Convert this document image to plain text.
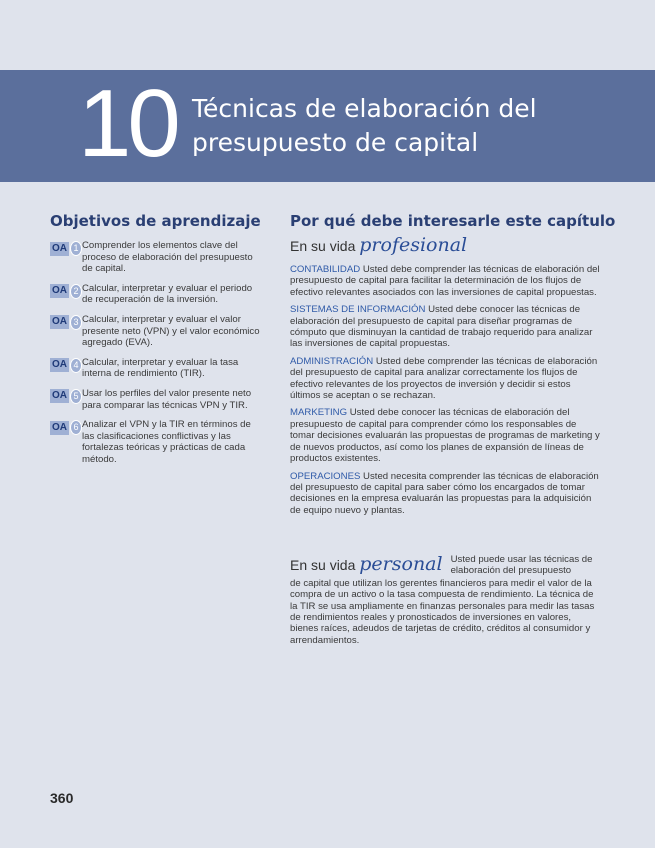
10 Técnicas de elaboración del presupuesto de capital
Objetivos de aprendizaje
OA 1 Comprender los elementos clave del proceso de elaboración del presupuesto de capital.
OA 2 Calcular, interpretar y evaluar el periodo de recuperación de la inversión.
OA 3 Calcular, interpretar y evaluar el valor presente neto (VPN) y el valor económico agregado (EVA).
OA 4 Calcular, interpretar y evaluar la tasa interna de rendimiento (TIR).
OA 5 Usar los perfiles del valor presente neto para comparar las técnicas VPN y TIR.
OA 6 Analizar el VPN y la TIR en términos de las clasificaciones conflictivas y las fortalezas teóricas y prácticas de cada método.
Por qué debe interesarle este capítulo
En su vida profesional
CONTABILIDAD Usted debe comprender las técnicas de elaboración del presupuesto de capital para facilitar la determinación de los flujos de efectivo relevantes asociados con las inversiones de capital propuestas.
SISTEMAS DE INFORMACIÓN Usted debe conocer las técnicas de elaboración del presupuesto de capital para diseñar programas de cómputo que disminuyan la cantidad de trabajo requerido para analizar las inversiones de capital propuestas.
ADMINISTRACIÓN Usted debe comprender las técnicas de elaboración del presupuesto de capital para analizar correctamente los flujos de efectivo relevantes de los proyectos de inversión y decidir si estos últimos se aceptan o se rechazan.
MARKETING Usted debe conocer las técnicas de elaboración del presupuesto de capital para comprender cómo los responsables de tomar decisiones evaluarán las propuestas de programas de marketing y de nuevos productos, así como los planes de expansión de líneas de productos existentes.
OPERACIONES Usted necesita comprender las técnicas de elaboración del presupuesto de capital para saber cómo los encargados de tomar decisiones en la empresa evaluarán las propuestas para la adquisición de equipo nuevo y plantas.
En su vida personal Usted puede usar las técnicas de elaboración del presupuesto
de capital que utilizan los gerentes financieros para medir el valor de la compra de un activo o la tasa compuesta de rendimiento. La técnica de la TIR se usa ampliamente en finanzas personales para medir las tasas de rendimientos reales y pronosticados de inversiones en valores, bienes raíces, adeudos de tarjetas de crédito, créditos al consumidor y arrendamientos.
360
